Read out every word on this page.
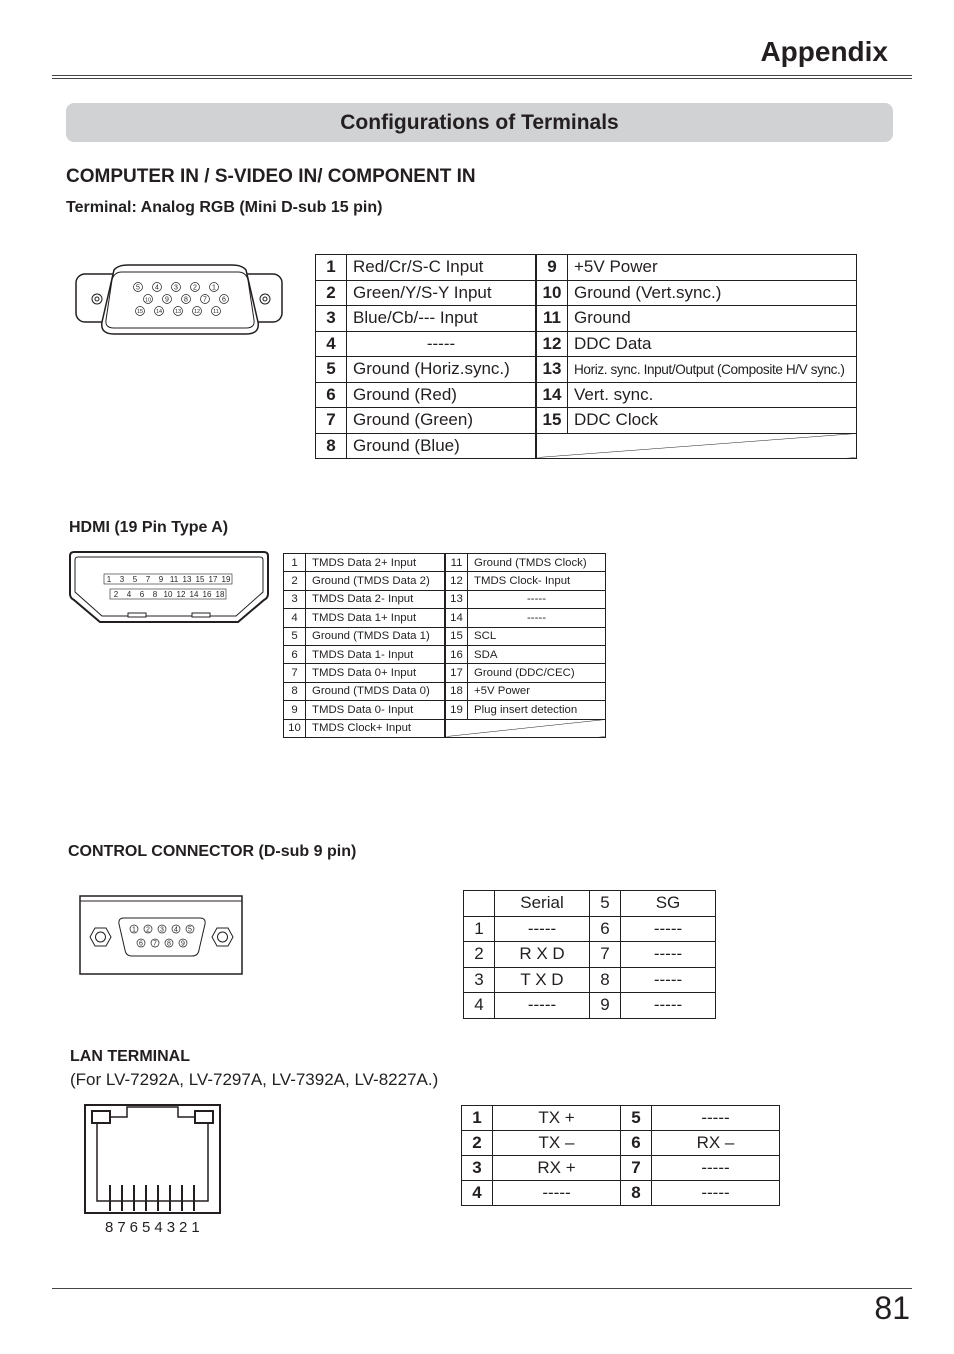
Appendix
Configurations of Terminals
COMPUTER IN / S-VIDEO IN/ COMPONENT IN
Terminal: Analog RGB (Mini D-sub 15 pin)
5 4 3 2 1
10 9 8 7 6
15 14 13 12 11
1	Red/Cr/S-C Input		9	+5V Power
2	Green/Y/S-Y Input		10	Ground (Vert.sync.)
3	Blue/Cb/--- Input		11	Ground
4	-----		12	DDC Data
5	Ground (Horiz.sync.)		13	Horiz. sync. Input/Output (Composite H/V sync.)
6	Ground (Red)		14	Vert. sync.
7	Ground (Green)		15	DDC Clock
8	Ground (Blue)		
HDMI (19 Pin Type A)
1 3 5 7 9 11 13 15 17 19
2 4 6 8 10 12 14 16 18
1	TMDS Data 2+ Input		11	Ground (TMDS Clock)
2	Ground (TMDS Data 2)		12	TMDS Clock- Input
3	TMDS Data 2- Input		13	-----
4	TMDS Data 1+ Input		14	-----
5	Ground (TMDS Data 1)		15	SCL
6	TMDS Data 1- Input		16	SDA
7	TMDS Data 0+ Input		17	Ground (DDC/CEC)
8	Ground (TMDS Data 0)		18	+5V Power
9	TMDS Data 0- Input		19	Plug insert detection
10	TMDS Clock+ Input		
CONTROL CONNECTOR (D-sub 9 pin)
1 2 3 4 5
6 7 8 9
	Serial	5	SG
1	-----	6	-----
2	R X D	7	-----
3	T X D	8	-----
4	-----	9	-----
LAN TERMINAL
(For LV-7292A, LV-7297A, LV-7392A, LV-8227A.)
87654321
1	TX +	5	-----
2	TX –	6	RX –
3	RX +	7	-----
4	-----	8	-----
81
